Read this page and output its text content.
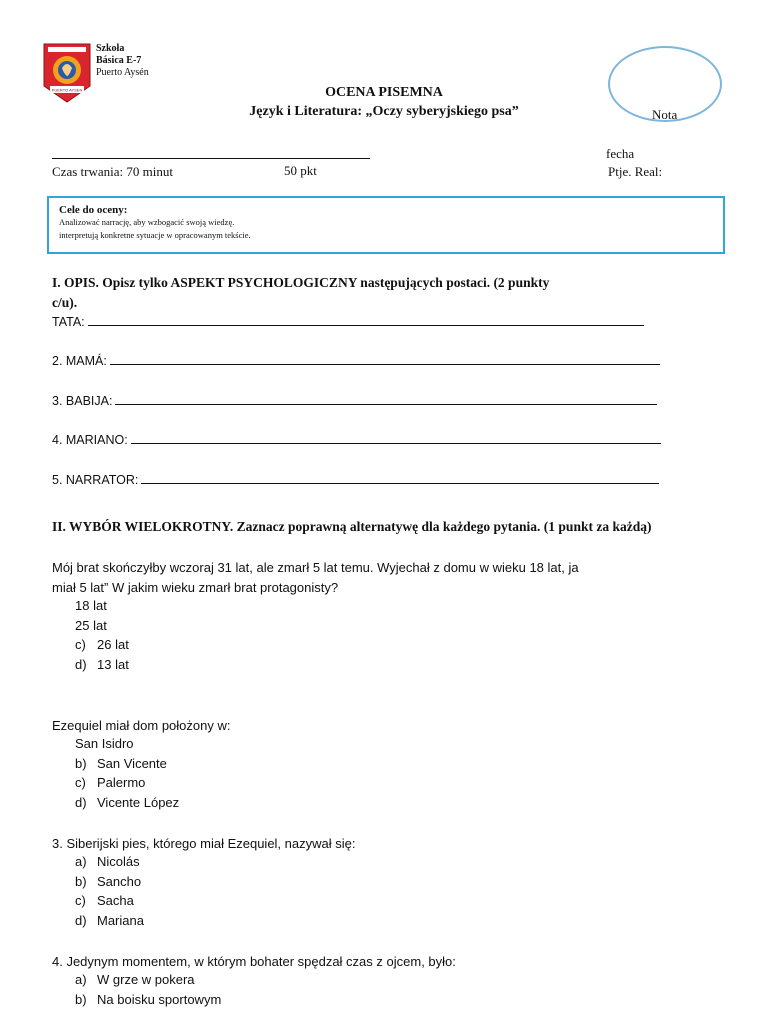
PUERTO AYSEN
Szkoła
Básica E-7
Puerto Aysén
OCENA PISEMNA
Język i Literatura: „Oczy syberyjskiego psa”	Nota
fecha
Czas trwania: 70 minut	50 pkt	Ptje. Real:
Cele do oceny:
Analizować narrację, aby wzbogacić swoją wiedzę.
interpretują konkretne sytuacje w opracowanym tekście.
I. OPIS. Opisz tylko ASPEKT PSYCHOLOGICZNY następujących postaci. (2 punkty
c/u).
TATA:
2. MAMÁ:
3. BABIJA:
4. MARIANO:
5. NARRATOR:
II. WYBÓR WIELOKROTNY. Zaznacz poprawną alternatywę dla każdego pytania. (1 punkt za każdą)
Mój brat skończyłby wczoraj 31 lat, ale zmarł 5 lat temu. Wyjechał z domu w wieku 18 lat, ja
miał 5 lat” W jakim wieku zmarł brat protagonisty?
18 lat
25 lat
c) 26 lat
d) 13 lat
Ezequiel miał dom położony w:
San Isidro
b) San Vicente
c) Palermo
d) Vicente López
3. Siberijski pies, którego miał Ezequiel, nazywał się:
a) Nicolás
b) Sancho
c) Sacha
d) Mariana
4. Jedynym momentem, w którym bohater spędzał czas z ojcem, było:
a) W grze w pokera
b) Na boisku sportowym
